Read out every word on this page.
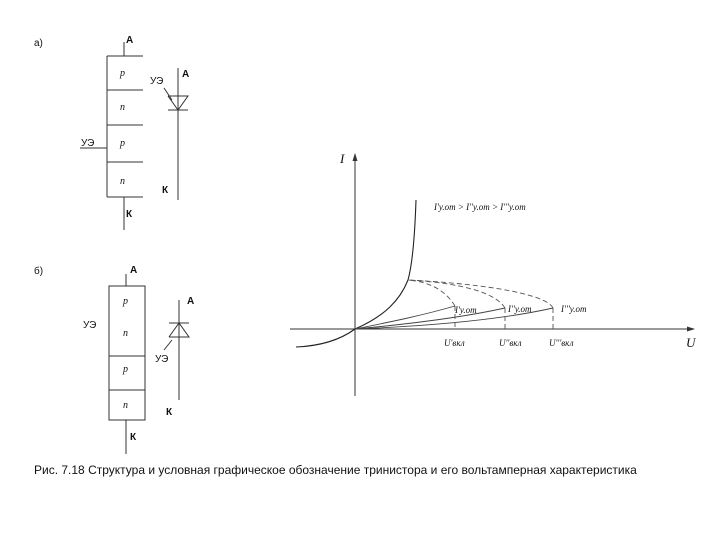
а)	A
К
УЭ
p
n
p
n
A
УЭ
К
б)	A
К
УЭ
p
n
p
n
A
УЭ
К
I
U
I'у.от > I''у.от > I'''у.от
I'у.от	I''у.от	I'''у.от
U'вкл	U''вкл	U'''вкл
Рис. 7.18 Структура и условная графическое обозначение тринистора и его вольтамперная характеристика
